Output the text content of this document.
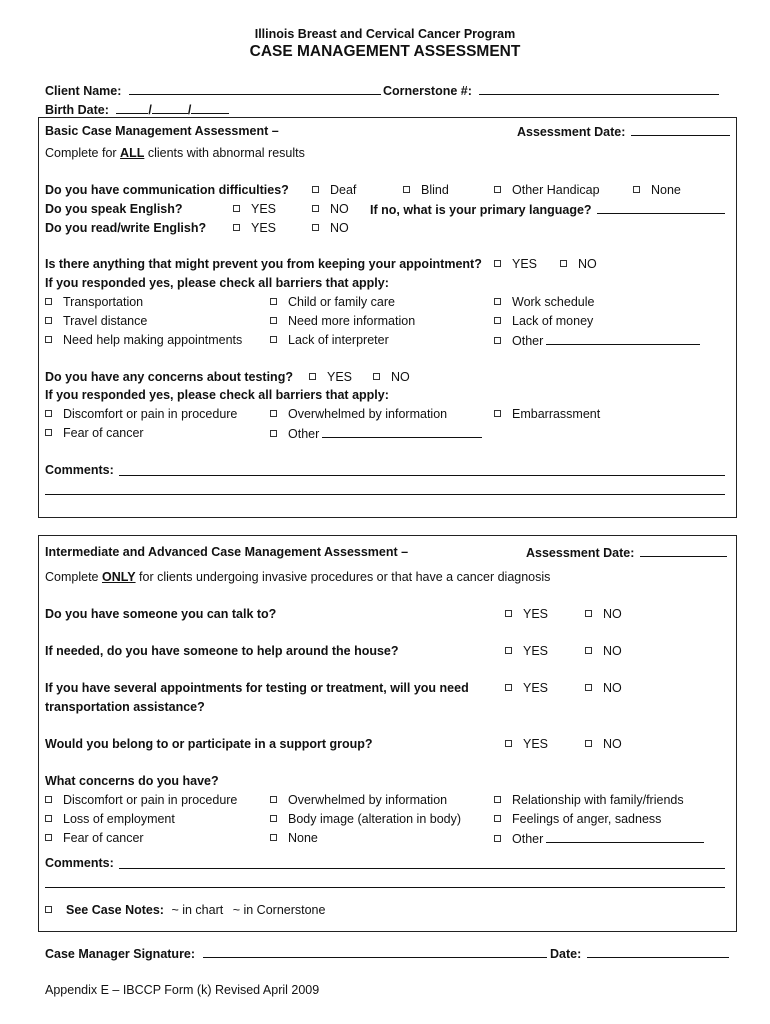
Illinois Breast and Cervical Cancer Program
CASE MANAGEMENT ASSESSMENT
Client Name:	Cornerstone #:
Birth Date:	/	/
Basic Case Management Assessment –	Assessment Date:
Complete for ALL clients with abnormal results
Do you have communication difficulties?	Deaf	Blind	Other Handicap	None
Do you speak English?	YES	NO If no, what is your primary language?
Do you read/write English?	YES	NO
Is there anything that might prevent you from keeping your appointment?	YES	NO
If you responded yes, please check all barriers that apply:
Transportation	Child or family care	Work schedule
Travel distance	Need more information	Lack of money
Need help making appointments	Lack of interpreter	Other
Do you have any concerns about testing?	YES	NO
If you responded yes, please check all barriers that apply:
Discomfort or pain in procedure	Overwhelmed by information	Embarrassment
Fear of cancer	Other
Comments:
Intermediate and Advanced Case Management Assessment –	Assessment Date:
Complete ONLY for clients undergoing invasive procedures or that have a cancer diagnosis
Do you have someone you can talk to?	YES	NO
If needed, do you have someone to help around the house?	YES	NO
If you have several appointments for testing or treatment, will you need
transportation assistance?
YES	NO
Would you belong to or participate in a support group?	YES	NO
What concerns do you have?
Discomfort or pain in procedure	Overwhelmed by information	Relationship with family/friends
Loss of employment	Body image (alteration in body)	Feelings of anger, sadness
Fear of cancer	None	Other
Comments:
See Case Notes: ~ in chart ~ in Cornerstone
Case Manager Signature:	Date:
Appendix E – IBCCP Form (k) Revised April 2009
